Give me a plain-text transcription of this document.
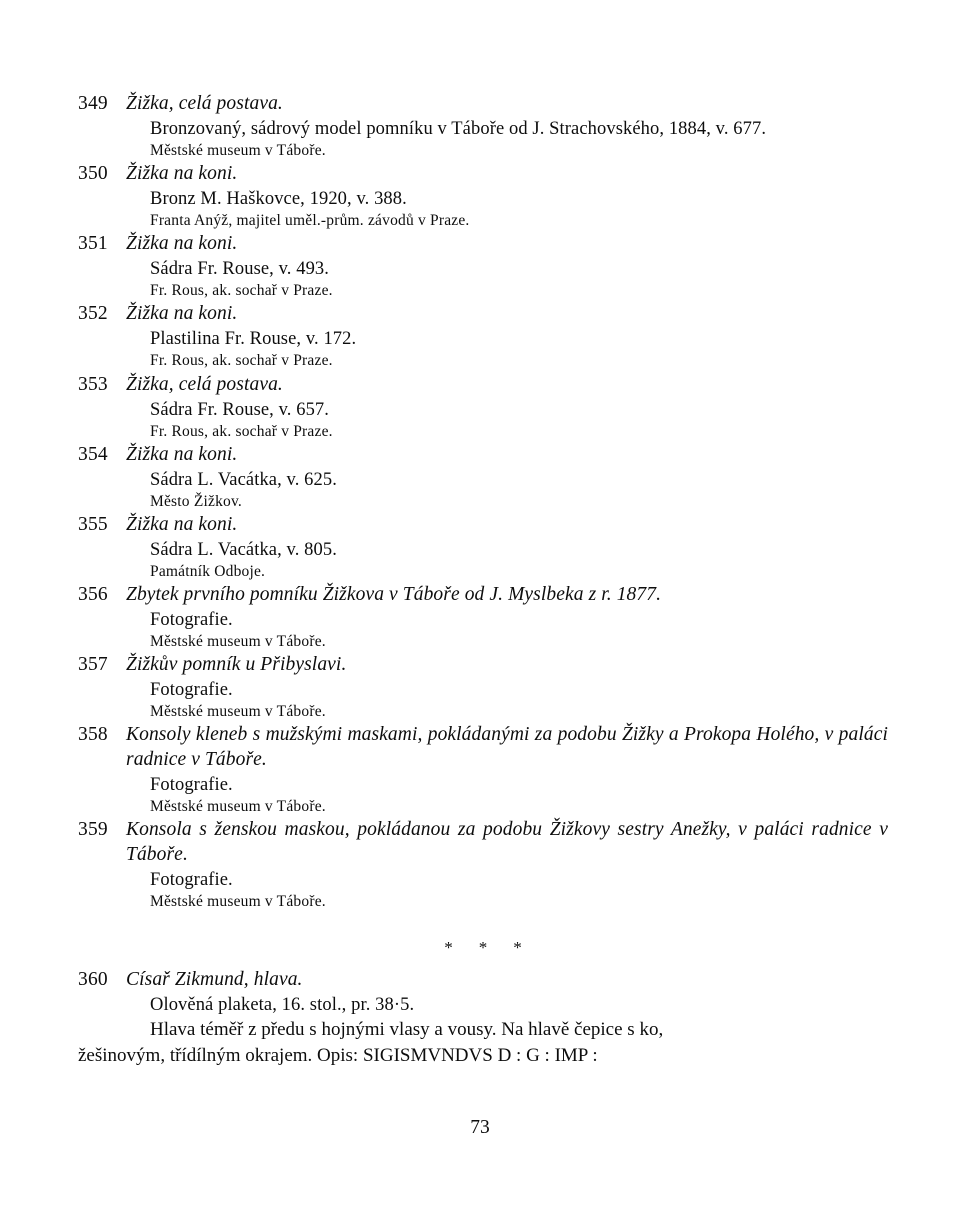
349 Žižka, celá postava.
Bronzovaný, sádrový model pomníku v Táboře od J. Strachovského, 1884, v. 677.
Městské museum v Táboře.
350 Žižka na koni.
Bronz M. Haškovce, 1920, v. 388.
Franta Anýž, majitel uměl.-prům. závodů v Praze.
351 Žižka na koni.
Sádra Fr. Rouse, v. 493.
Fr. Rous, ak. sochař v Praze.
352 Žižka na koni.
Plastilina Fr. Rouse, v. 172.
Fr. Rous, ak. sochař v Praze.
353 Žižka, celá postava.
Sádra Fr. Rouse, v. 657.
Fr. Rous, ak. sochař v Praze.
354 Žižka na koni.
Sádra L. Vacátka, v. 625.
Město Žižkov.
355 Žižka na koni.
Sádra L. Vacátka, v. 805.
Památník Odboje.
356 Zbytek prvního pomníku Žižkova v Táboře od J. Myslbeka z r. 1877.
Fotografie.
Městské museum v Táboře.
357 Žižkův pomník u Přibyslavi.
Fotografie.
Městské museum v Táboře.
358 Konsoly kleneb s mužskými maskami, pokládanými za podobu Žižky a Prokopa Holého, v paláci radnice v Táboře.
Fotografie.
Městské museum v Táboře.
359 Konsola s ženskou maskou, pokládanou za podobu Žižkovy sestry Anežky, v paláci radnice v Táboře.
Fotografie.
Městské museum v Táboře.
***
360 Císař Zikmund, hlava.
Olověná plaketa, 16. stol., pr. 38·5.
Hlava téměř z předu s hojnými vlasy a vousy. Na hlavě čepice s ko,
žešinovým, třídílným okrajem. Opis: SIGISMVNDVS D : G : IMP :
73
